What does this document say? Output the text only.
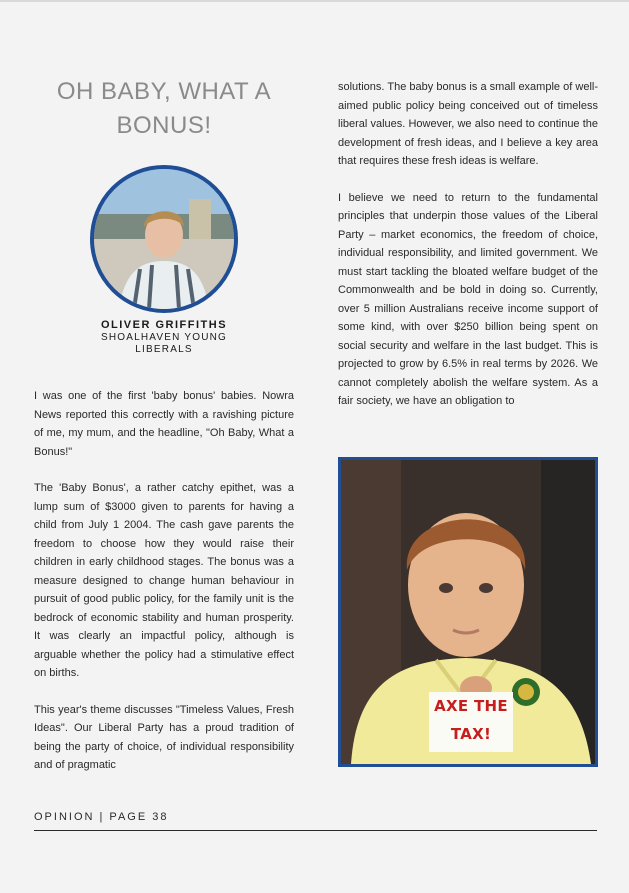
OH BABY, WHAT A
BONUS!
OLIVER GRIFFITHS
SHOALHAVEN YOUNG LIBERALS

I was one of the first 'baby bonus' babies. Nowra News reported this correctly with a ravishing picture of me, my mum, and the headline, "Oh Baby, What a Bonus!"

The 'Baby Bonus', a rather catchy epithet, was a lump sum of $3000 given to parents for having a child from July 1 2004. The cash gave parents the freedom to choose how they would raise their children in early childhood stages. The bonus was a measure designed to change human behaviour in pursuit of good public policy, for the family unit is the bedrock of economic stability and human prosperity. It was clearly an impactful policy, although is arguable whether the policy had a stimulative effect on births.

This year's theme discusses "Timeless Values, Fresh Ideas". Our Liberal Party has a proud tradition of being the party of choice, of individual responsibility and of pragmatic

solutions. The baby bonus is a small example of well-aimed public policy being conceived out of timeless liberal values. However, we also need to continue the development of fresh ideas, and I believe a key area that requires these fresh ideas is welfare.

I believe we need to return to the fundamental principles that underpin those values of the Liberal Party – market economics, the freedom of choice, individual responsibility, and limited government. We must start tackling the bloated welfare budget of the Commonwealth and be bold in doing so. Currently, over 5 million Australians receive income support of some kind, with over $250 billion being spent on social security and welfare in the last budget. This is projected to grow by 6.5% in real terms by 2026. We cannot completely abolish the welfare system. As a fair society, we have an obligation to

AXE THE
TAX!
OPINION | PAGE 38
